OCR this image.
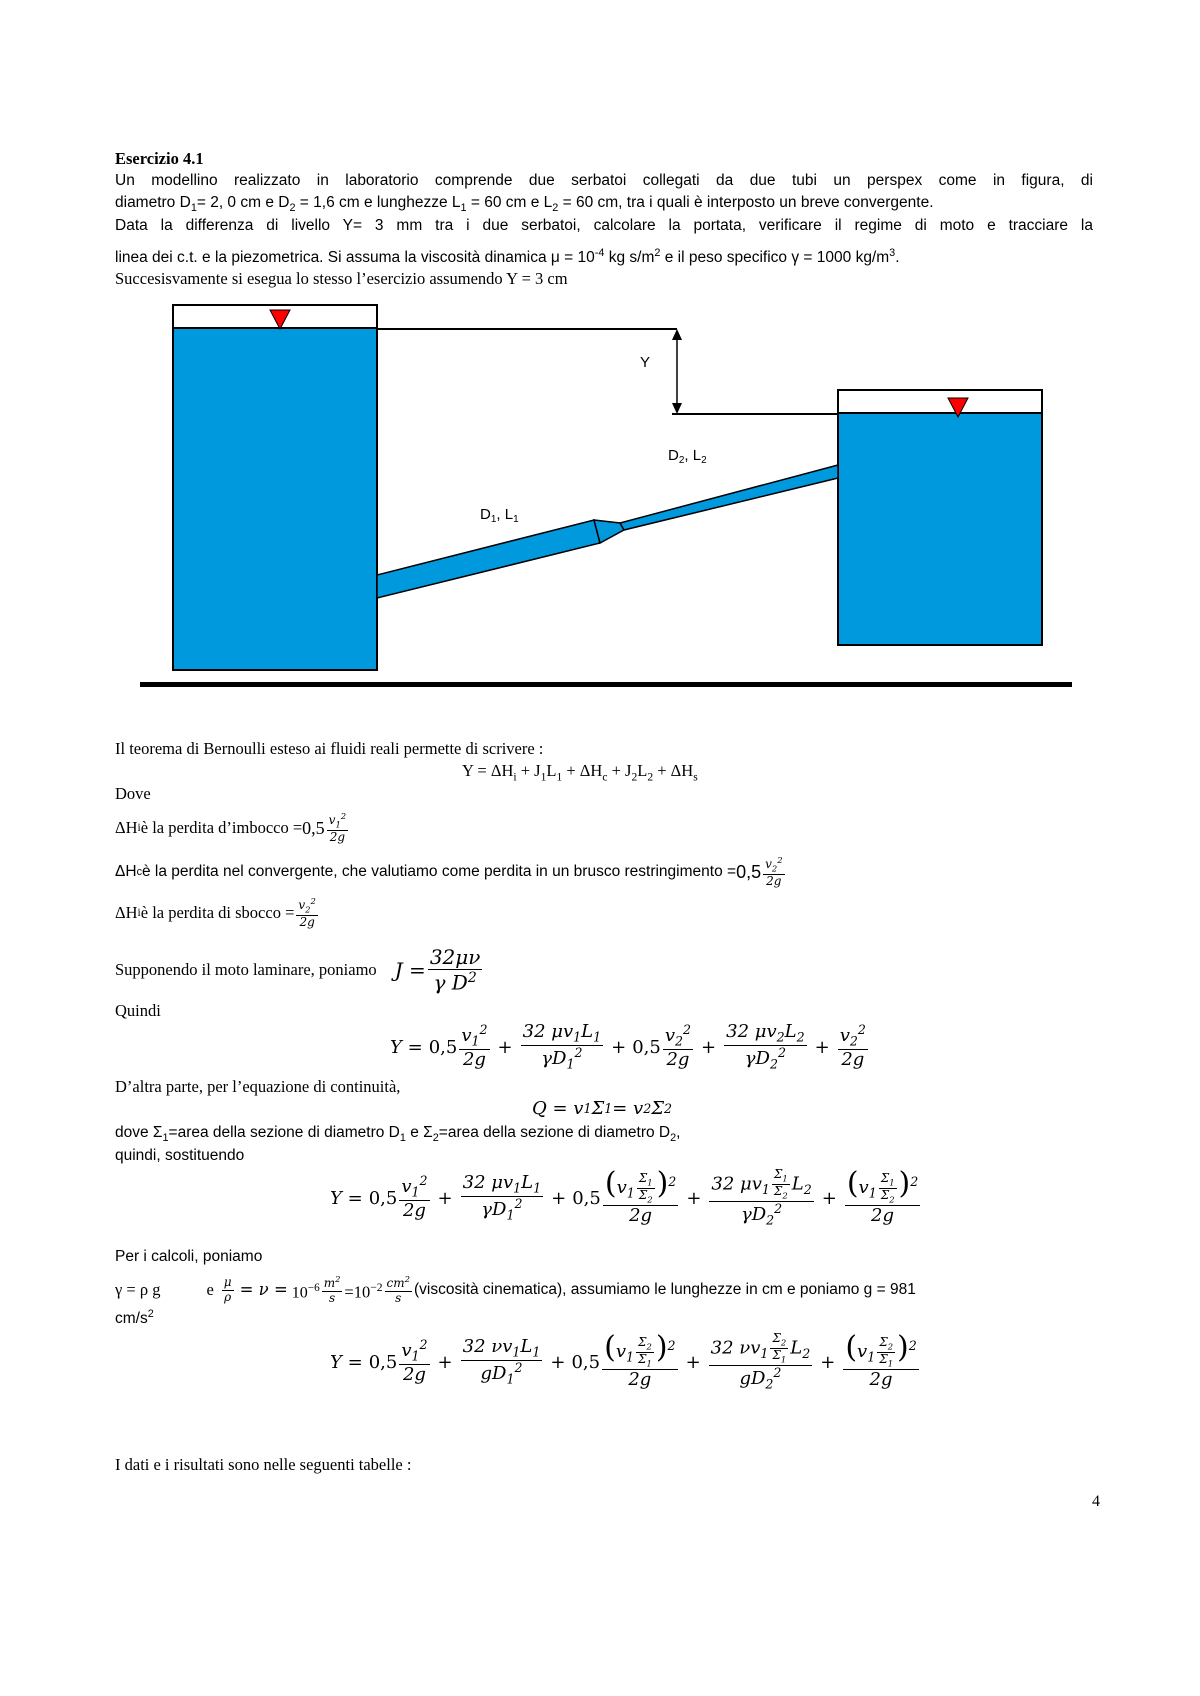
Esercizio 4.1
Un modellino realizzato in laboratorio comprende due serbatoi collegati da due tubi un perspex come in figura, di
diametro $D_1= 2$, 0 cm e $D_2 = 1,6$ cm e lunghezze $L_1 = 60$ cm e $L_2 = 60$ cm, tra i quali è interposto un breve convergente.
Data la differenza di livello Y= 3 mm tra i due serbatoi, calcolare la portata, verificare il regime di moto e tracciare la
linea dei c.t. e la piezometrica. Si assuma la viscosità dinamica $\mu = 10^{-4}$ kg $s/m^2$ e il peso specifico γ = 1000 $kg/m^3$.
Succesisvamente si esegua lo stesso l’esercizio assumendo Y = 3 cm
Y
$D_2$, $L_2$
$D_1$, $L_1$
Il teorema di Bernoulli esteso ai fluidi reali permette di scrivere :
$Y = \Delta H_i + J_1L_1 + \Delta H_c + J_2L_2 + \Delta H_s$
Dove
ΔH i è la perdita d’imbocco = $0,5 \frac{v_1^2}{2g}$
ΔH c è la perdita nel convergente, che valutiamo come perdita in un brusco restringimento = $0,5 \frac{v_2^2}{2g}$
ΔH i è la perdita di sbocco = $\frac{v_2^2}{2g}$
Supponendo il moto laminare, poniamo $J = \frac{32\mu\nu}{\gamma D^2}$
Quindi
$Y = 0,5 \frac{v_1^2}{2g} + \frac{32 \mu v_1L_1}{\gamma D_1^2} + 0,5 \frac{v_2^2}{2g} + \frac{32 \mu v_2L_2}{\gamma D_2^2} + \frac{v_2^2}{2g}$
D’altra parte, per l’equazione di continuità,
Q = v 1 Σ 1 = v 2 Σ 2
dove $\Sigma_1=area$ della sezione di diametro $D_1$ e $\Sigma_2=area$ della sezione di diametro $D_2$,
quindi, sostituendo
$Y = 0,5 \frac{v_1^2}{2g} + \frac{32 \mu v_1L_1}{\gamma D_1^2} + 0,5 \frac{(v_1 \frac{\Sigma_1}{\Sigma_2} )^2}{2g} + \frac{32 \mu v_1 \frac{\Sigma_1}{\Sigma_2} L_2}{\gamma D_2^2} + \frac{(v_1 \frac{\Sigma_1}{\Sigma_2} )^2}{2g}$
Per i calcoli, poniamo
γ = ρ g	e $\frac{\mu}{\rho} = \nu = 10^{-6} \frac{m^2}{s} =10^{-2} \frac{cm^2}{s}$ (viscosità cinematica), assumiamo le lunghezze in cm e poniamo g = 981
$cm/s^2$
$Y = 0,5 \frac{v_1^2}{2g} + \frac{32 \nu v_1L_1}{gD_1^2} + 0,5 \frac{(v_1 \frac{\Sigma_2}{\Sigma_1} )^2}{2g} + \frac{32 \nu v_1 \frac{\Sigma_2}{\Sigma_1} L_2}{gD_2^2} + \frac{(v_1 \frac{\Sigma_2}{\Sigma_1} )^2}{2g}$
I dati e i risultati sono nelle seguenti tabelle :
4
